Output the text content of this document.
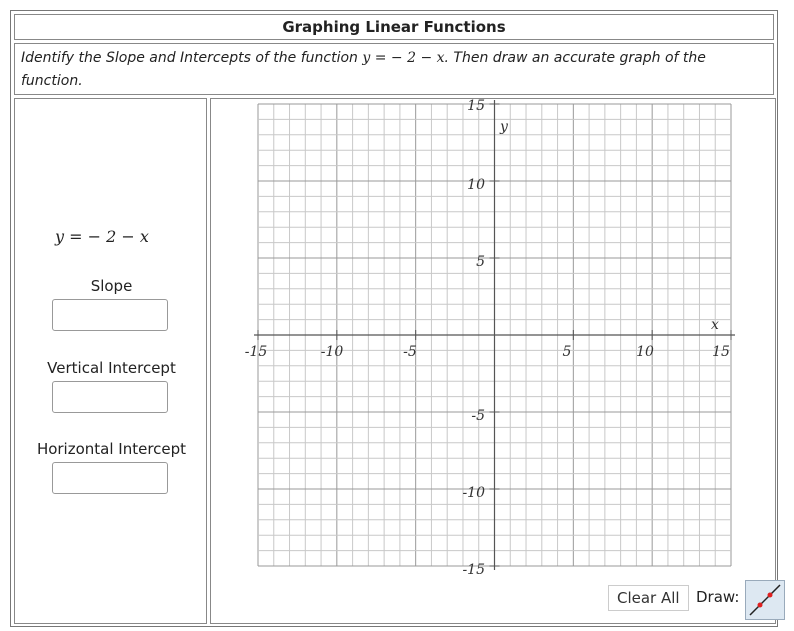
Graphing Linear Functions
Identify the Slope and Intercepts of the function y = − 2 − x. Then draw an accurate graph of the function.
y = − 2 − x
Slope
Vertical Intercept
Horizontal Intercept
-15	-10	-5	5	10	15
15
10
5
-5
-10
-15
x
y
Clear All	Draw:
